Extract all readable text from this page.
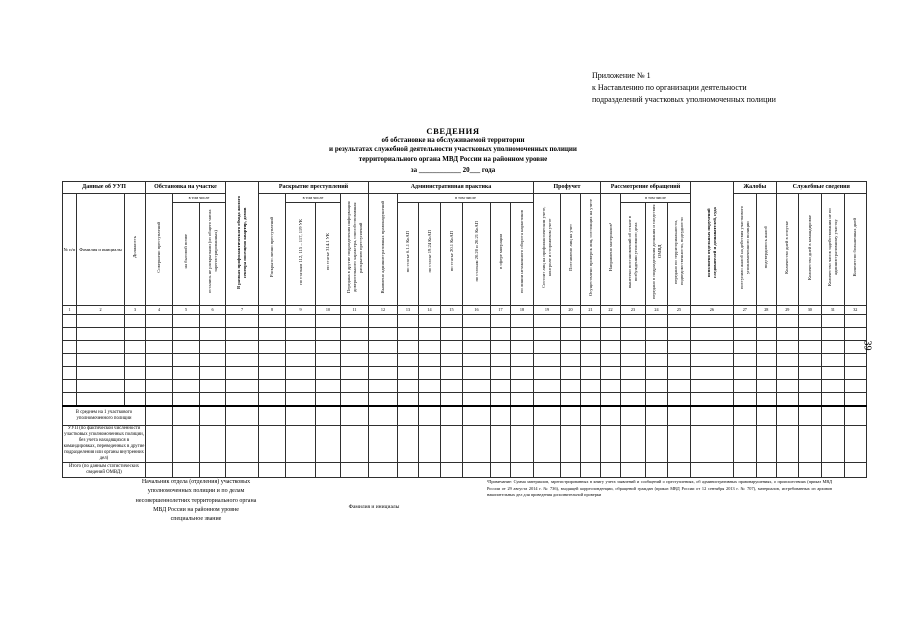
Приложение № 1
к Наставлению по организации деятельности
подразделений участковых уполномоченных полиции
СВЕДЕНИЯ
об обстановке на обслуживаемой территории
и результатах служебной деятельности участковых уполномоченных полиции
территориального органа МВД России на районном уровне
за ____________ 20___ года
Данные об УУП			Обстановка на участке			В рамках профилактического обхода жилого сектора посещено квартир, домов	Раскрытие преступлений				Административная практика							Профучет			Рассмотрение обращений				исполнено отдельных поручений следователей и дознавателей, суда	Жалобы		Служебные сведения			
№ п/п	Фамилия и инициалы	Должность	Совершено преступлений	в том числе			Раскрыто лично преступлений	в том числе		Передана в другие подразделения информация доверительного характера, способствовавшая раскрытию преступлений	Выявлено административных правонарушений	в том числе						Состоит лиц на профилактическом учете, контроле и сторожевом учете	Поставлено лиц на учет	Осуществлено проверок лиц, состоящих на учете	Направлено материалов¹	в том числе				поступило жалоб на действия участкового уполномоченного полиции	подтвердилось жалоб	Количество дней в отпуске	Количество дней в командировке	Количество часов задействования не по административному участку	Количество больничных дней
				на бытовой почве	остались не раскрытыми (из общего числа зарегистрированных)			по статьям 112, 115 – 117, 119 УК	по статье 314.1 УК			по статье 6.1.1 КоАП	по статье 19.24 КоАП	по статье 20.1 КоАП	по статьям 20.20 и 20.21 КоАП	в сфере миграции	по линии незаконного оборота наркотиков					вынесено постановлений об отказе в возбуждении уголовного дела	передано в подразделения дознания и следствия ОМВД	передано по территориальности, подведомственности, подсудности							
1	2	3	4	5	6	7	8	9	10	11	12	13	14	15	16	17	18	19	20	21	22	23	24	25	26	27	28	29	30	31	32

В среднем на 1 участкового уполномоченного полиции																															
УУП (по фактической численности участковых уполномоченных полиции, без учета находящихся в командировках, переведенных в другие подразделения или органы внутренних дел)																															
Итого (по данным статистических сведений ОМВД)																															
39
Начальник отдела (отделения) участковых
уполномоченных полиции и по делам
несовершеннолетних территориального органа
МВД России на районном уровне
специальное звание
Фамилия и инициалы
¹Примечание: Сумма материалов, зарегистрированных в книгу учета заявлений и сообщений о преступлениях, об административных правонарушениях, о происшествиях (приказ МВД России от 29 августа 2014 г. № 736), входящей корреспонденции, обращений граждан (приказ МВД России от 12 сентября 2013 г. № 707), материалов, истребованных из архивов накопительных дел для проведения дополнительной проверки
